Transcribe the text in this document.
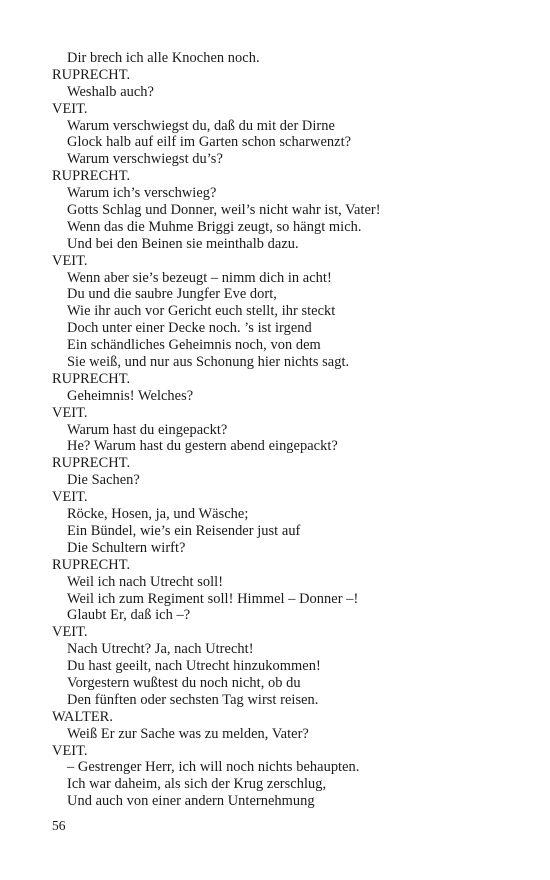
Dir brech ich alle Knochen noch.
RUPRECHT.
Weshalb auch?
VEIT.
Warum verschwiegst du, daß du mit der Dirne
Glock halb auf eilf im Garten schon scharwenzt?
Warum verschwiegst du’s?
RUPRECHT.
Warum ich’s verschwieg?
Gotts Schlag und Donner, weil’s nicht wahr ist, Vater!
Wenn das die Muhme Briggi zeugt, so hängt mich.
Und bei den Beinen sie meinthalb dazu.
VEIT.
Wenn aber sie’s bezeugt – nimm dich in acht!
Du und die saubre Jungfer Eve dort,
Wie ihr auch vor Gericht euch stellt, ihr steckt
Doch unter einer Decke noch. ’s ist irgend
Ein schändliches Geheimnis noch, von dem
Sie weiß, und nur aus Schonung hier nichts sagt.
RUPRECHT.
Geheimnis! Welches?
VEIT.
Warum hast du eingepackt?
He? Warum hast du gestern abend eingepackt?
RUPRECHT.
Die Sachen?
VEIT.
Röcke, Hosen, ja, und Wäsche;
Ein Bündel, wie’s ein Reisender just auf
Die Schultern wirft?
RUPRECHT.
Weil ich nach Utrecht soll!
Weil ich zum Regiment soll! Himmel – Donner –!
Glaubt Er, daß ich –?
VEIT.
Nach Utrecht? Ja, nach Utrecht!
Du hast geeilt, nach Utrecht hinzukommen!
Vorgestern wußtest du noch nicht, ob du
Den fünften oder sechsten Tag wirst reisen.
WALTER.
Weiß Er zur Sache was zu melden, Vater?
VEIT.
– Gestrenger Herr, ich will noch nichts behaupten.
Ich war daheim, als sich der Krug zerschlug,
Und auch von einer andern Unternehmung
56
